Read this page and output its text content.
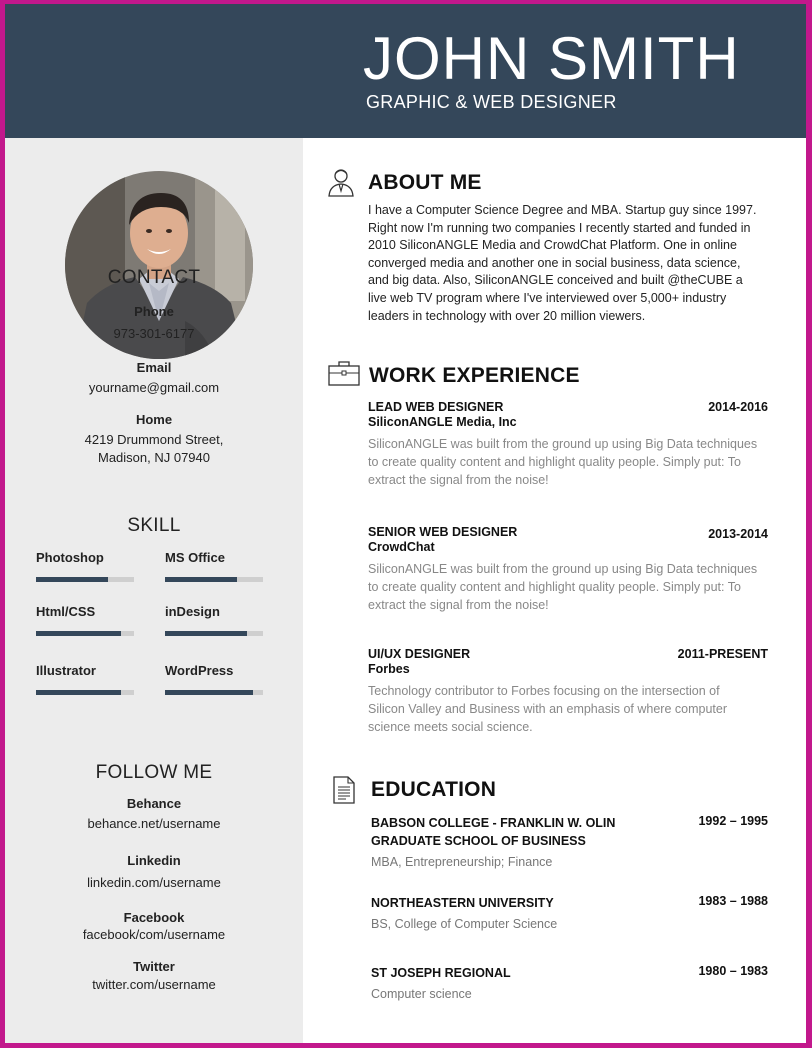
JOHN SMITH
GRAPHIC & WEB DESIGNER
CONTACT
Phone
973-301-6177
Email
yourname@gmail.com
Home
4219 Drummond Street,
Madison, NJ 07940
SKILL
Photoshop	MS Office
Html/CSS	inDesign
Illustrator	WordPress
FOLLOW ME
Behance
behance.net/username
Linkedin
linkedin.com/username
Facebook
facebook/com/username
Twitter
twitter.com/username
ABOUT ME
I have a Computer Science Degree and MBA. Startup guy since 1997. Right now I'm running two companies I recently started and funded in 2010 SiliconANGLE Media and CrowdChat Platform. One in online converged media and another one in social business, data science, and big data. Also, SiliconANGLE conceived and built @theCUBE a live web TV program where I've interviewed over 5,000+ industry leaders in technology with over 20 million viewers.
WORK EXPERIENCE
LEAD WEB DESIGNER
SiliconANGLE Media, Inc
2014-2016
SiliconANGLE was built from the ground up using Big Data techniques to create quality content and highlight quality people. Simply put: To extract the signal from the noise!
SENIOR WEB DESIGNER
CrowdChat
2013-2014
SiliconANGLE was built from the ground up using Big Data techniques to create quality content and highlight quality people. Simply put: To extract the signal from the noise!
UI/UX DESIGNER
Forbes
2011-PRESENT
Technology contributor to Forbes focusing on the intersection of Silicon Valley and Business with an emphasis of where computer science meets social science.
EDUCATION
BABSON COLLEGE - FRANKLIN W. OLIN GRADUATE SCHOOL OF BUSINESS
1992 – 1995
MBA, Entrepreneurship; Finance
NORTHEASTERN UNIVERSITY	1983 – 1988
BS, College of Computer Science
ST JOSEPH REGIONAL	1980 – 1983
Computer science
